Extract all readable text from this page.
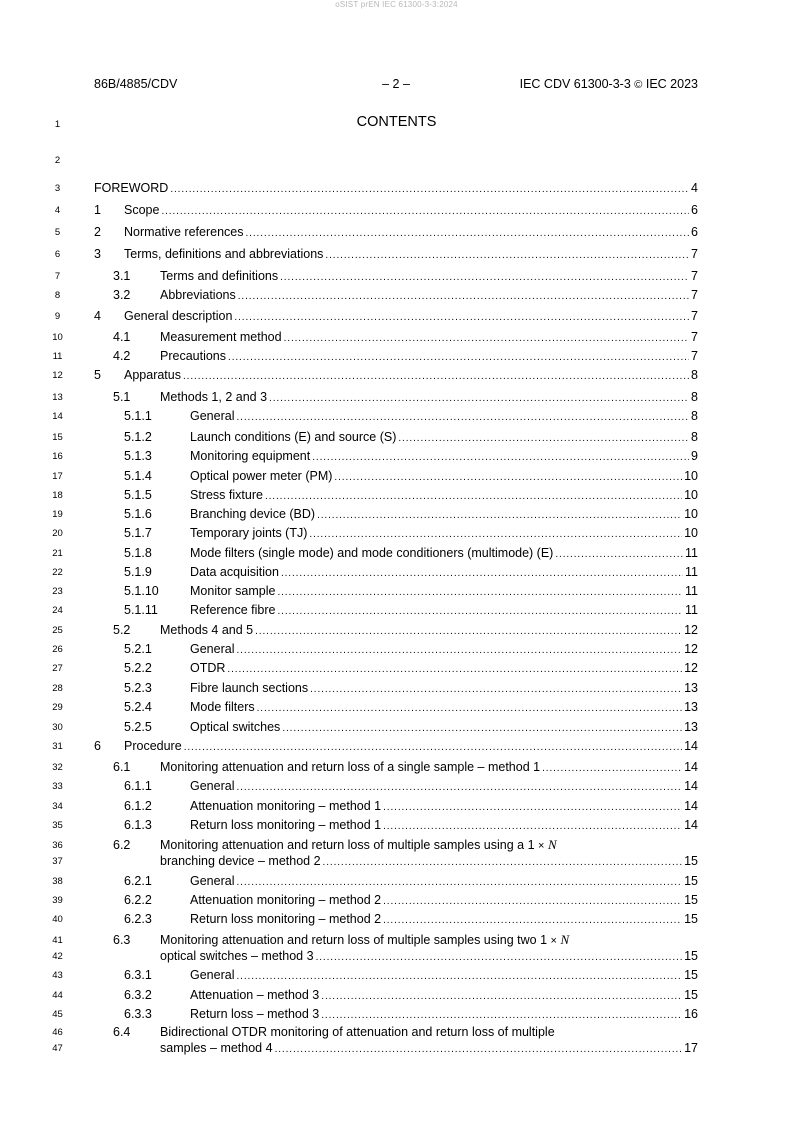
oSIST prEN IEC 61300-3-3:2024
86B/4885/CDV	– 2 –	IEC CDV 61300-3-3 © IEC 2023
CONTENTS
1
2
3
4
5
6
7
8
9
10
11
12
13
14
15
16
17
18
19
20
21
22
23
24
25
26
27
28
29
30
31
32
33
34
35
36
37
38
39
40
41
42
43
44
45
46
47
FOREWORD .....	4
1 Scope .....	6
2 Normative references .....	6
3 Terms, definitions and abbreviations .....	7
3.1 Terms and definitions .....	7
3.2 Abbreviations .....	7
4 General description .....	7
4.1 Measurement method .....	7
4.2 Precautions .....	7
5 Apparatus .....	8
5.1 Methods 1, 2 and 3 .....	8
5.1.1	General .....	8
5.1.2	Launch conditions (E) and source (S) .....	8
5.1.3	Monitoring equipment .....	9
5.1.4	Optical power meter (PM) .....	10
5.1.5	Stress fixture .....	10
5.1.6	Branching device (BD) .....	10
5.1.7	Temporary joints (TJ) .....	10
5.1.8	Mode filters (single mode) and mode conditioners (multimode) (E) .....	11
5.1.9	Data acquisition .....	11
5.1.10 Monitor sample .....	11
5.1.11	Reference fibre .....	11
5.2 Methods 4 and 5 .....	12
5.2.1	General .....	12
5.2.2	OTDR .....	12
5.2.3	Fibre launch sections .....	13
5.2.4	Mode filters .....	13
5.2.5	Optical switches .....	13
6 Procedure .....	14
6.1 Monitoring attenuation and return loss of a single sample – method 1 .....	14
6.1.1	General .....	14
6.1.2	Attenuation monitoring – method 1 .....	14
6.1.3	Return loss monitoring – method 1 .....	14
6.2 Monitoring attenuation and return loss of multiple samples using a 1 × N
branching device – method 2 .....	15
6.2.1	General .....	15
6.2.2	Attenuation monitoring – method 2 .....	15
6.2.3	Return loss monitoring – method 2 .....	15
6.3 Monitoring attenuation and return loss of multiple samples using two 1 × N
optical switches – method 3 .....	15
6.3.1	General .....	15
6.3.2	Attenuation – method 3 .....	15
6.3.3	Return loss – method 3 .....	16
6.4 Bidirectional OTDR monitoring of attenuation and return loss of multiple
samples – method 4 .....	17
